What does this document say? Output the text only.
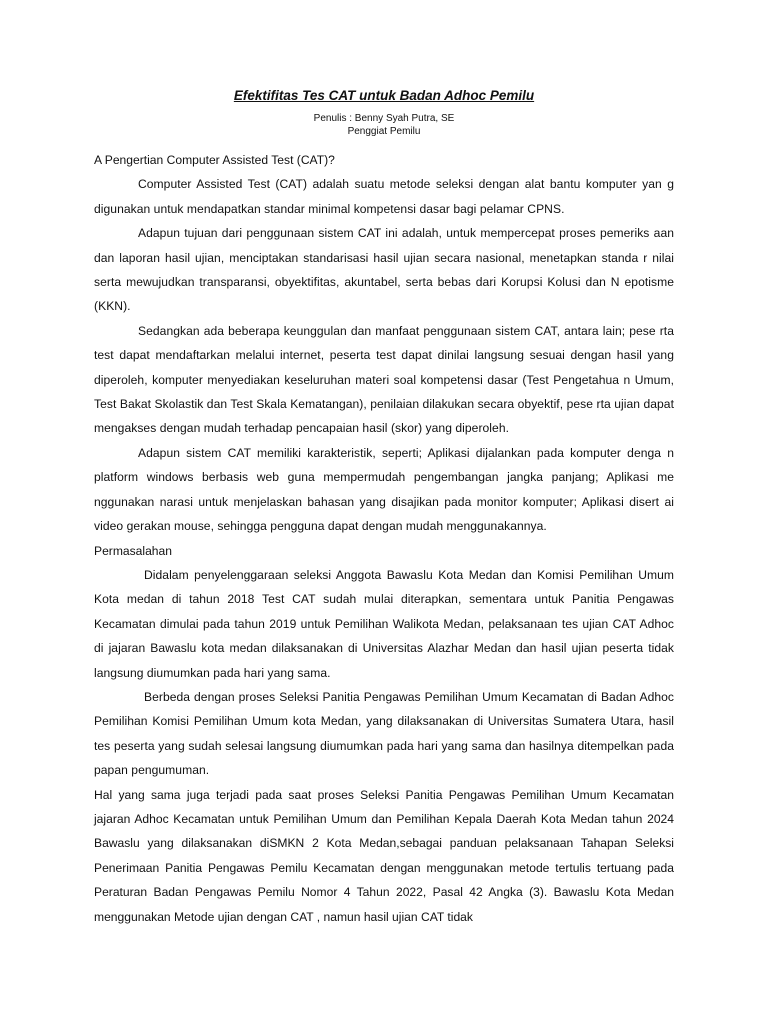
Efektifitas Tes CAT untuk Badan Adhoc Pemilu
Penulis : Benny Syah Putra, SE
Penggiat Pemilu

A Pengertian Computer Assisted Test (CAT)?

Computer Assisted Test (CAT) adalah suatu metode seleksi dengan alat bantu komputer yan g digunakan untuk mendapatkan standar minimal kompetensi dasar bagi pelamar CPNS.

Adapun tujuan dari penggunaan sistem CAT ini adalah, untuk mempercepat proses pemeriks aan dan laporan hasil ujian, menciptakan standarisasi hasil ujian secara nasional, menetapkan standa r nilai serta mewujudkan transparansi, obyektifitas, akuntabel, serta bebas dari Korupsi Kolusi dan N epotisme (KKN).

Sedangkan ada beberapa keunggulan dan manfaat penggunaan sistem CAT, antara lain; pese rta test dapat mendaftarkan melalui internet, peserta test dapat dinilai langsung sesuai dengan hasil yang diperoleh, komputer menyediakan keseluruhan materi soal kompetensi dasar (Test Pengetahua n Umum, Test Bakat Skolastik dan Test Skala Kematangan), penilaian dilakukan secara obyektif, pese rta ujian dapat mengakses dengan mudah terhadap pencapaian hasil (skor) yang diperoleh.

Adapun sistem CAT memiliki karakteristik, seperti; Aplikasi dijalankan pada komputer denga n platform windows berbasis web guna mempermudah pengembangan jangka panjang; Aplikasi me nggunakan narasi untuk menjelaskan bahasan yang disajikan pada monitor komputer; Aplikasi disert ai video gerakan mouse, sehingga pengguna dapat dengan mudah menggunakannya.

Permasalahan

Didalam penyelenggaraan seleksi Anggota Bawaslu Kota Medan dan Komisi Pemilihan Umum Kota medan di tahun 2018 Test CAT sudah mulai diterapkan, sementara untuk Panitia Pengawas Kecamatan dimulai pada tahun 2019 untuk Pemilihan Walikota Medan, pelaksanaan tes ujian CAT Adhoc di jajaran Bawaslu kota medan dilaksanakan di Universitas Alazhar Medan dan hasil ujian peserta tidak langsung diumumkan pada hari yang sama.

Berbeda dengan proses Seleksi Panitia Pengawas Pemilihan Umum Kecamatan di Badan Adhoc Pemilihan Komisi Pemilihan Umum kota Medan, yang dilaksanakan di Universitas Sumatera Utara, hasil tes peserta yang sudah selesai langsung diumumkan pada hari yang sama dan hasilnya ditempelkan pada papan pengumuman.

Hal yang sama juga terjadi pada saat proses Seleksi Panitia Pengawas Pemilihan Umum Kecamatan jajaran Adhoc Kecamatan untuk Pemilihan Umum dan Pemilihan Kepala Daerah Kota Medan tahun 2024 Bawaslu yang dilaksanakan diSMKN 2 Kota Medan,sebagai panduan pelaksanaan Tahapan Seleksi Penerimaan Panitia Pengawas Pemilu Kecamatan dengan menggunakan metode tertulis tertuang pada Peraturan Badan Pengawas Pemilu Nomor 4 Tahun 2022, Pasal 42 Angka (3). Bawaslu Kota Medan menggunakan Metode ujian dengan CAT , namun hasil ujian CAT tidak
